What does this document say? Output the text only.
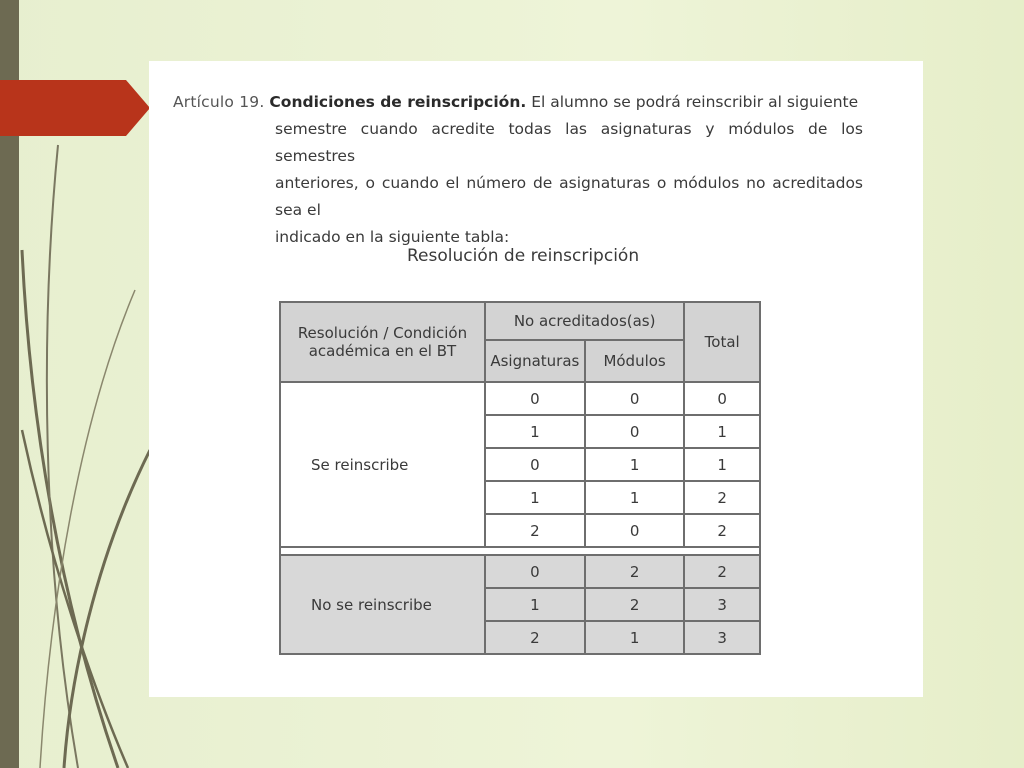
Artículo 19. Condiciones de reinscripción. El alumno se podrá reinscribir al siguiente
semestre cuando acredite todas las asignaturas y módulos de los semestres
anteriores, o cuando el número de asignaturas o módulos no acreditados sea el
indicado en la siguiente tabla:
Resolución de reinscripción
Resolución / Condición académica en el BT	No acreditados(as)		Total
	Asignaturas	Módulos	
Se reinscribe	0	0	0
	1	0	1
	0	1	1
	1	1	2
	2	0	2

No se reinscribe	0	2	2
	1	2	3
	2	1	3
